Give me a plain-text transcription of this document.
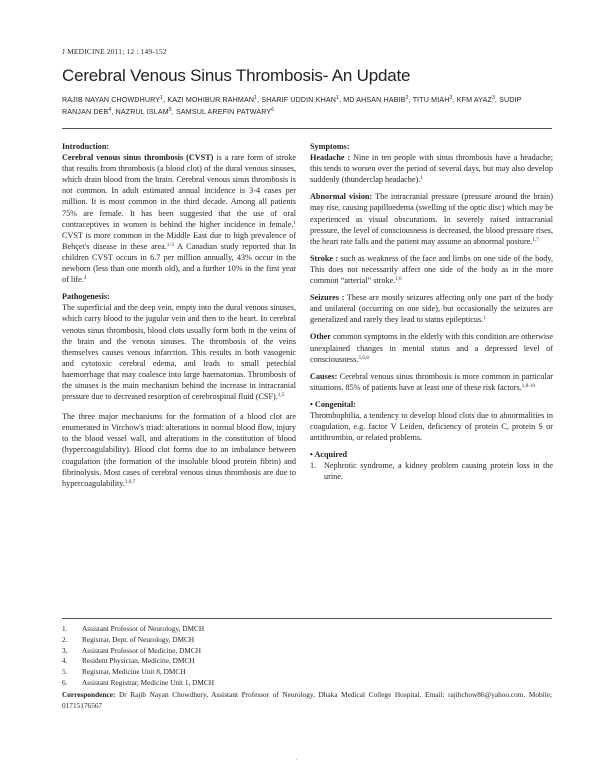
J MEDICINE 2011; 12 : 149-152
Cerebral Venous Sinus Thrombosis- An Update
RAJIB NAYAN CHOWDHURY$^1$, KAZI MOHIBUR RAHMAN$^1$, SHARIF UDDIN KHAN$^1$, MD AHSAN HABIB$^2$, TITU MIAH$^3$, KFM AYAZ$^3$, SUDIP RANJAN DEB$^4$, NAZRUL ISLAM$^5$, SAMSUL AREFIN PATWARY$^6$
Introduction:

Cerebral venous sinus thrombosis (CVST) is a rare form of stroke that results from thrombosis (a blood clot) of the dural venous sinuses, which drain blood from the brain. Cerebral venous sinus thrombosis is not common. In adult estimated annual incidence is 3-4 cases per million. It is most common in the third decade. Among all patients 75% are female. It has been suggested that the use of oral contraceptives in women is behind the higher incidence in female.$^1$ CVST is more common in the Middle East due to high prevalence of Behçet's disease in these area.$^{1-3}$ A Canadian study reported that In children CVST occurs in 6.7 per million annually, 43% occur in the newborn (less than one month old), and a further 10% in the first year of life.$^4$

Pathogenesis:

The superficial and the deep vein, empty into the dural venous sinuses, which carry blood to the jugular vein and then to the heart. In cerebral venous sinus thrombosis, blood clots usually form both in the veins of the brain and the venous sinuses. The thrombosis of the veins themselves causes venous infarction. This results in both vasogenic and cytotoxic cerebral edema, and leads to small petechial haemorrhage that may coalesce into large haematomas. Thrombosis of the sinuses is the main mechanism behind the increase in intracranial pressure due to decreased resorption of cerebrospinal fluid (CSF).$^{1,5}$

The three major mechanisms for the formation of a blood clot are enumerated in Virchow's triad: alterations in normal blood flow, injury to the blood vessel wall, and alterations in the constitution of blood (hypercoagulability). Blood clot forms due to an imbalance between coagulation (the formation of the insoluble blood protein fibrin) and fibrinolysis. Most cases of cerebral venous sinus thrombosis are due to hypercoagulability.$^{1,6,7}$

Symptoms:

Headache : Nine in ten people with sinus thrombosis have a headache; this tends to worsen over the period of several days, but may also develop suddenly (thunderclap headache).$^1$

Abnormal vision: The intracranial pressure (pressure around the brain) may rise, causing papilloedema (swelling of the optic disc) which may be experienced as visual obscurations. In severely raised intracranial pressure, the level of consciousness is decreased, the blood pressure rises, the heart rate falls and the patient may assume an abnormal posture.$^{1,7}$

Stroke : such as weakness of the face and limbs on one side of the body, This does not necessarily affect one side of the body as in the more common “arterial” stroke.$^{1,6}$

Seizures : These are mostly seizures affecting only one part of the body and unilateral (occurring on one side), but occasionally the seizures are generalized and rarely they lead to status epilepticus.$^1$

Other common symptoms in the elderly with this condition are otherwise unexplained changes in mental status and a depressed level of consciousness.$^{5,6,8}$

Causes: Cerebral venous sinus thrombosis is more common in particular situations. 85% of patients have at least one of these risk factors.$^{1,8-10}$

• Congenital:

Thrombophilia, a tendency to develop blood clots due to abnormalities in coagulation, e.g. factor V Leiden, deficiency of protein C, protein S or antithrombin, or related problems.

• Acquired
1. Nephrotic syndrome, a kidney problem causing protein loss in the urine.
1.	Assistant Professor of Neurology, DMCH
2.	Registrar, Dept. of Neurology, DMCH
3.	Assistant Professor of Medicine, DMCH
4.	Resident Physician, Medicine, DMCH
5.	Registrar, Medicine Unit 8, DMCH
6.	Assistant Registrar, Medicine Unit 1, DMCH
Correspondence: Dr Rajib Nayan Chowdhury, Assistant Professor of Neurology, Dhaka Medical College Hospital. Email: rajibchow86@yahoo.com. Mobile; 01715176567
.
